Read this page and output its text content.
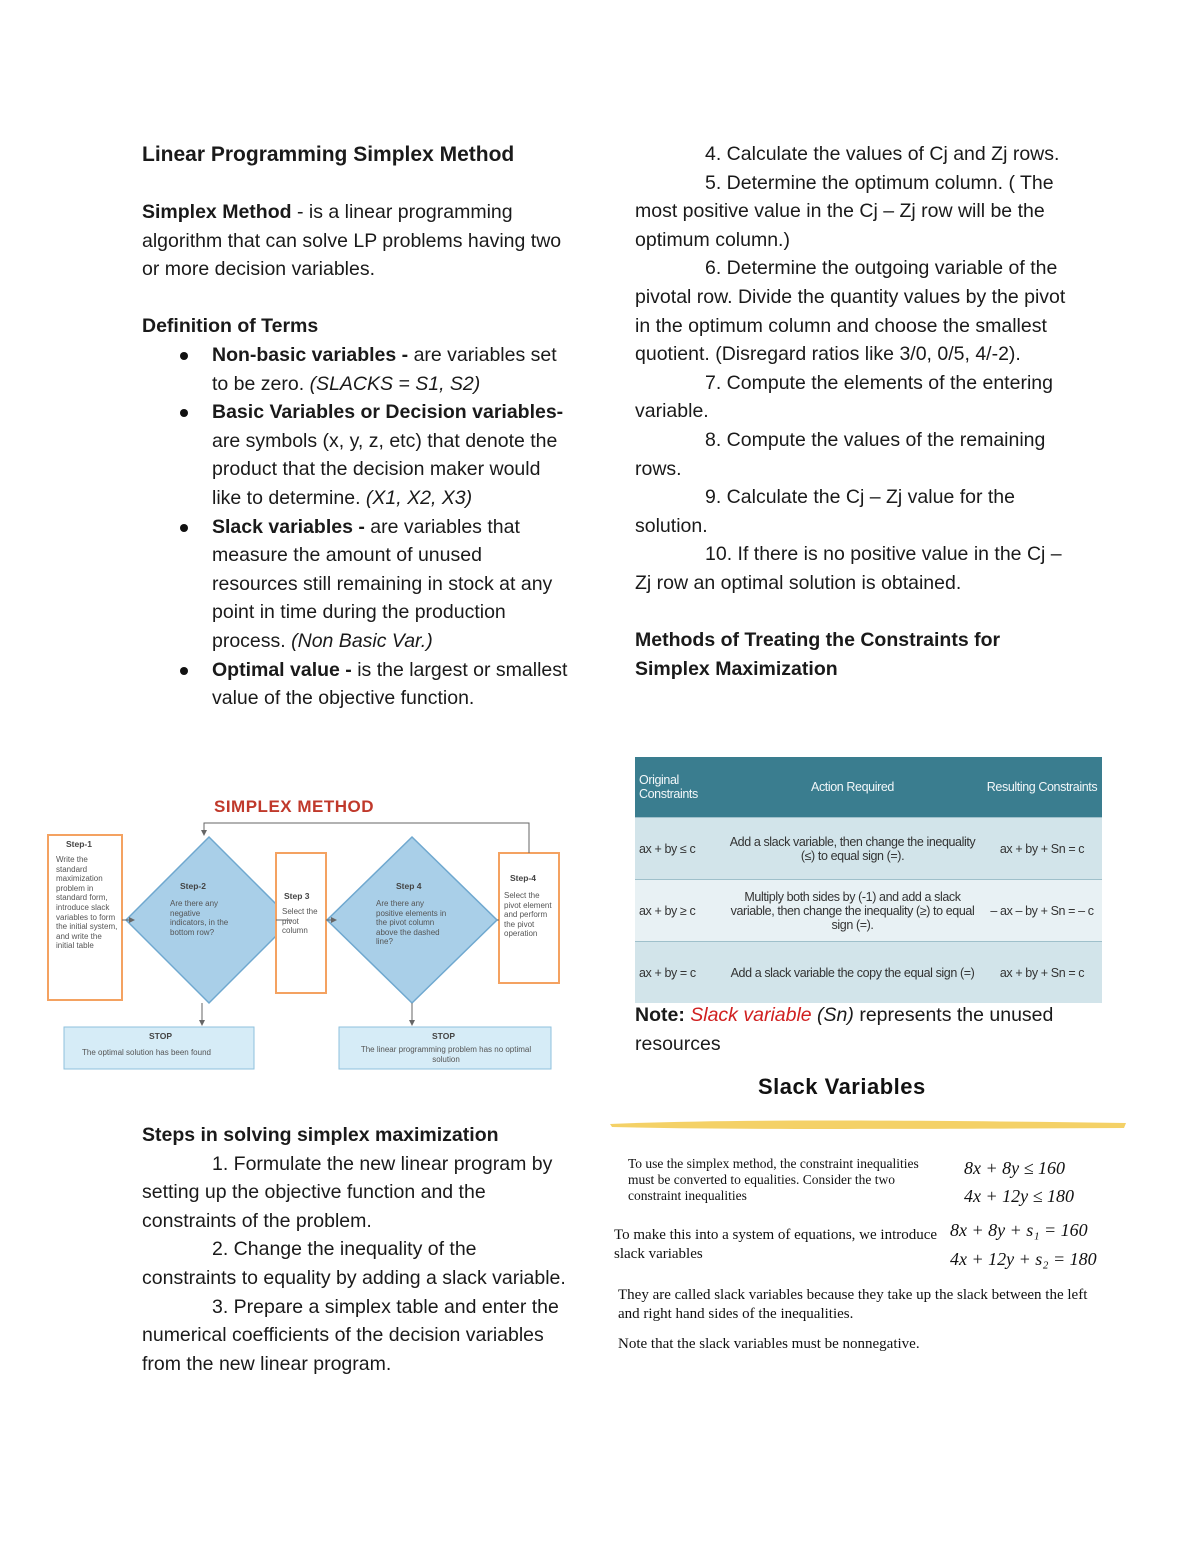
Linear Programming Simplex Method

Simplex Method - is a linear programming algorithm that can solve LP problems having two or more decision variables.

Definition of Terms

Non-basic variables - are variables set to be zero. (SLACKS = S1, S2)
Basic Variables or Decision variables- are symbols (x, y, z, etc) that denote the product that the decision maker would like to determine. (X1, X2, X3)
Slack variables - are variables that measure the amount of unused resources still remaining in stock at any point in time during the production process. (Non Basic Var.)
Optimal value - is the largest or smallest value of the objective function.
SIMPLEX METHOD
Step-1
Write the standard maximization problem in standard form, introduce slack variables to form the initial system, and write the initial table
Step-2
Are there any negative indicators, in the bottom row?
Step 3
Select the pivot column
Step 4
Are there any positive elements in the pivot column above the dashed line?
Step-4
Select the pivot element and perform the pivot operation
STOP
The optimal solution has been found
STOP
The linear programming problem has no optimal solution

Steps in solving simplex maximization

1. Formulate the new linear program by setting up the objective function and the constraints of the problem.

2. Change the inequality of the constraints to equality by adding a slack variable.

3. Prepare a simplex table and enter the numerical coefficients of the decision variables from the new linear program.

4. Calculate the values of Cj and Zj rows.

5. Determine the optimum column. ( The most positive value in the Cj – Zj row will be the optimum column.)

6. Determine the outgoing variable of the pivotal row. Divide the quantity values by the pivot in the optimum column and choose the smallest quotient. (Disregard ratios like 3/0, 0/5, 4/-2).

7. Compute the elements of the entering variable.

8. Compute the values of the remaining rows.

9. Calculate the Cj – Zj value for the solution.

10. If there is no positive value in the Cj – Zj row an optimal solution is obtained.

Methods of Treating the Constraints for Simplex Maximization

Original Constraints	Action Required	Resulting Constraints
ax + by ≤ c	Add a slack variable, then change the inequality (≤) to equal sign (=).	ax + by + Sn = c
ax + by ≥ c	Multiply both sides by (-1) and add a slack variable, then change the inequality (≥) to equal sign (=).	– ax – by + Sn = – c
ax + by = c	Add a slack variable the copy the equal sign (=)	ax + by + Sn = c

Note: Slack variable (Sn) represents the unused resources

Slack Variables
To use the simplex method, the constraint inequalities must be converted to equalities. Consider the two constraint inequalities
8x + 8y ≤ 160
4x + 12y ≤ 180
To make this into a system of equations, we introduce slack variables
8x + 8y + s₁ = 160
4x + 12y + s₂ = 180
They are called slack variables because they take up the slack between the left and right hand sides of the inequalities.
Note that the slack variables must be nonnegative.
